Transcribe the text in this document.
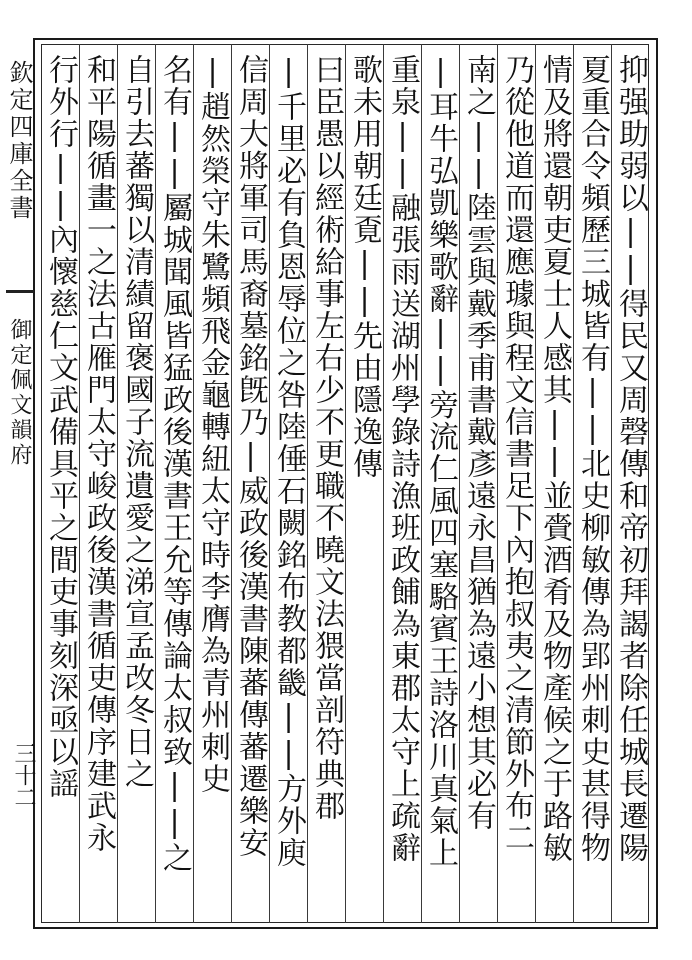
欽定四庫全書
御定佩文韻府
三十二	抑强助弱以||得民又周磬傳和帝初拜謁者除任城長遷陽
夏重合令頻歷三城皆有||北史柳敏傳為郢州刺史甚得物
情及將還朝吏夏士人感其||並賫酒肴及物產候之于路敏
乃從他道而還應璩與程文信書足下內抱叔夷之清節外布二
南之||陸雲與戴季甫書戴彥遠永昌猶為遠小想其必有
|耳牛弘凱樂歌辭||旁流仁風四塞駱賓王詩洛川真氣上
重泉||融張雨送湖州學錄詩漁班政餔為東郡太守上疏辭
歌未用朝廷覔||先由隱逸傳
曰臣愚以經術給事左右少不更職不曉文法猥當剖符典郡
|千里必有負恩辱位之咎陸倕石闕銘布教都畿||方外庾
信周大將軍司馬裔墓銘旣乃|威政後漢書陳蕃傳蕃遷樂安
|趙然榮守朱鷺頻飛金龜轉紐太守時李膺為青州刺史
名有||屬城聞風皆猛政後漢書王允等傳論太叔致||之
自引去蕃獨以清績留褒國子流遺愛之涕宣孟改冬日之
和平陽循畫一之法古雁門太守峻政後漢書循吏傳序建武永
行外行||內懷慈仁文武備具平之間吏事刻深亟以謡
